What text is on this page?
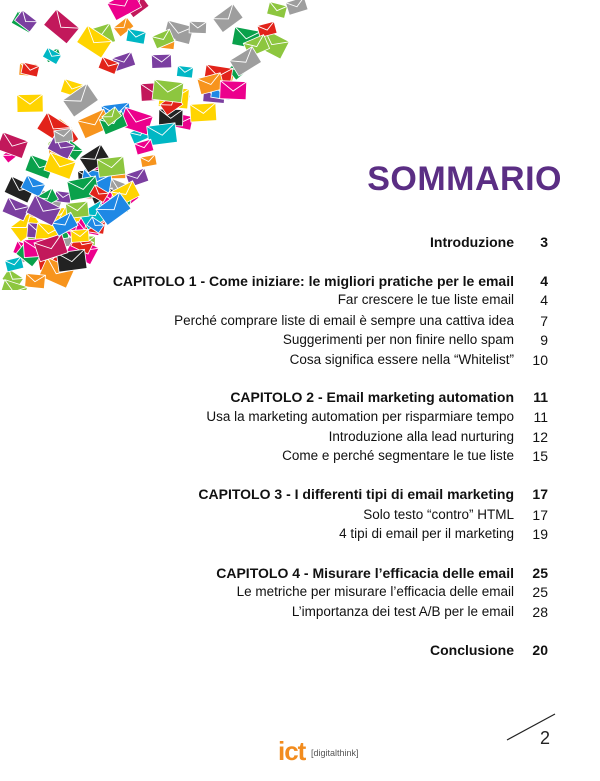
SOMMARIO
Introduzione 3
CAPITOLO 1 - Come iniziare: le migliori pratiche per le email 4
Far crescere le tue liste email 4
Perché comprare liste di email è sempre una cattiva idea 7
Suggerimenti per non finire nello spam 9
Cosa significa essere nella “Whitelist” 10
CAPITOLO 2 - Email marketing automation 11
Usa la marketing automation per risparmiare tempo 11
Introduzione alla lead nurturing 12
Come e perché segmentare le tue liste 15
CAPITOLO 3 - I differenti tipi di email marketing 17
Solo testo “contro” HTML 17
4 tipi di email per il marketing 19
CAPITOLO 4 - Misurare l’efficacia delle email 25
Le metriche per misurare l’efficacia delle email 25
L’importanza dei test A/B per le email 28
Conclusione 20
2
ict [digitalthink]
